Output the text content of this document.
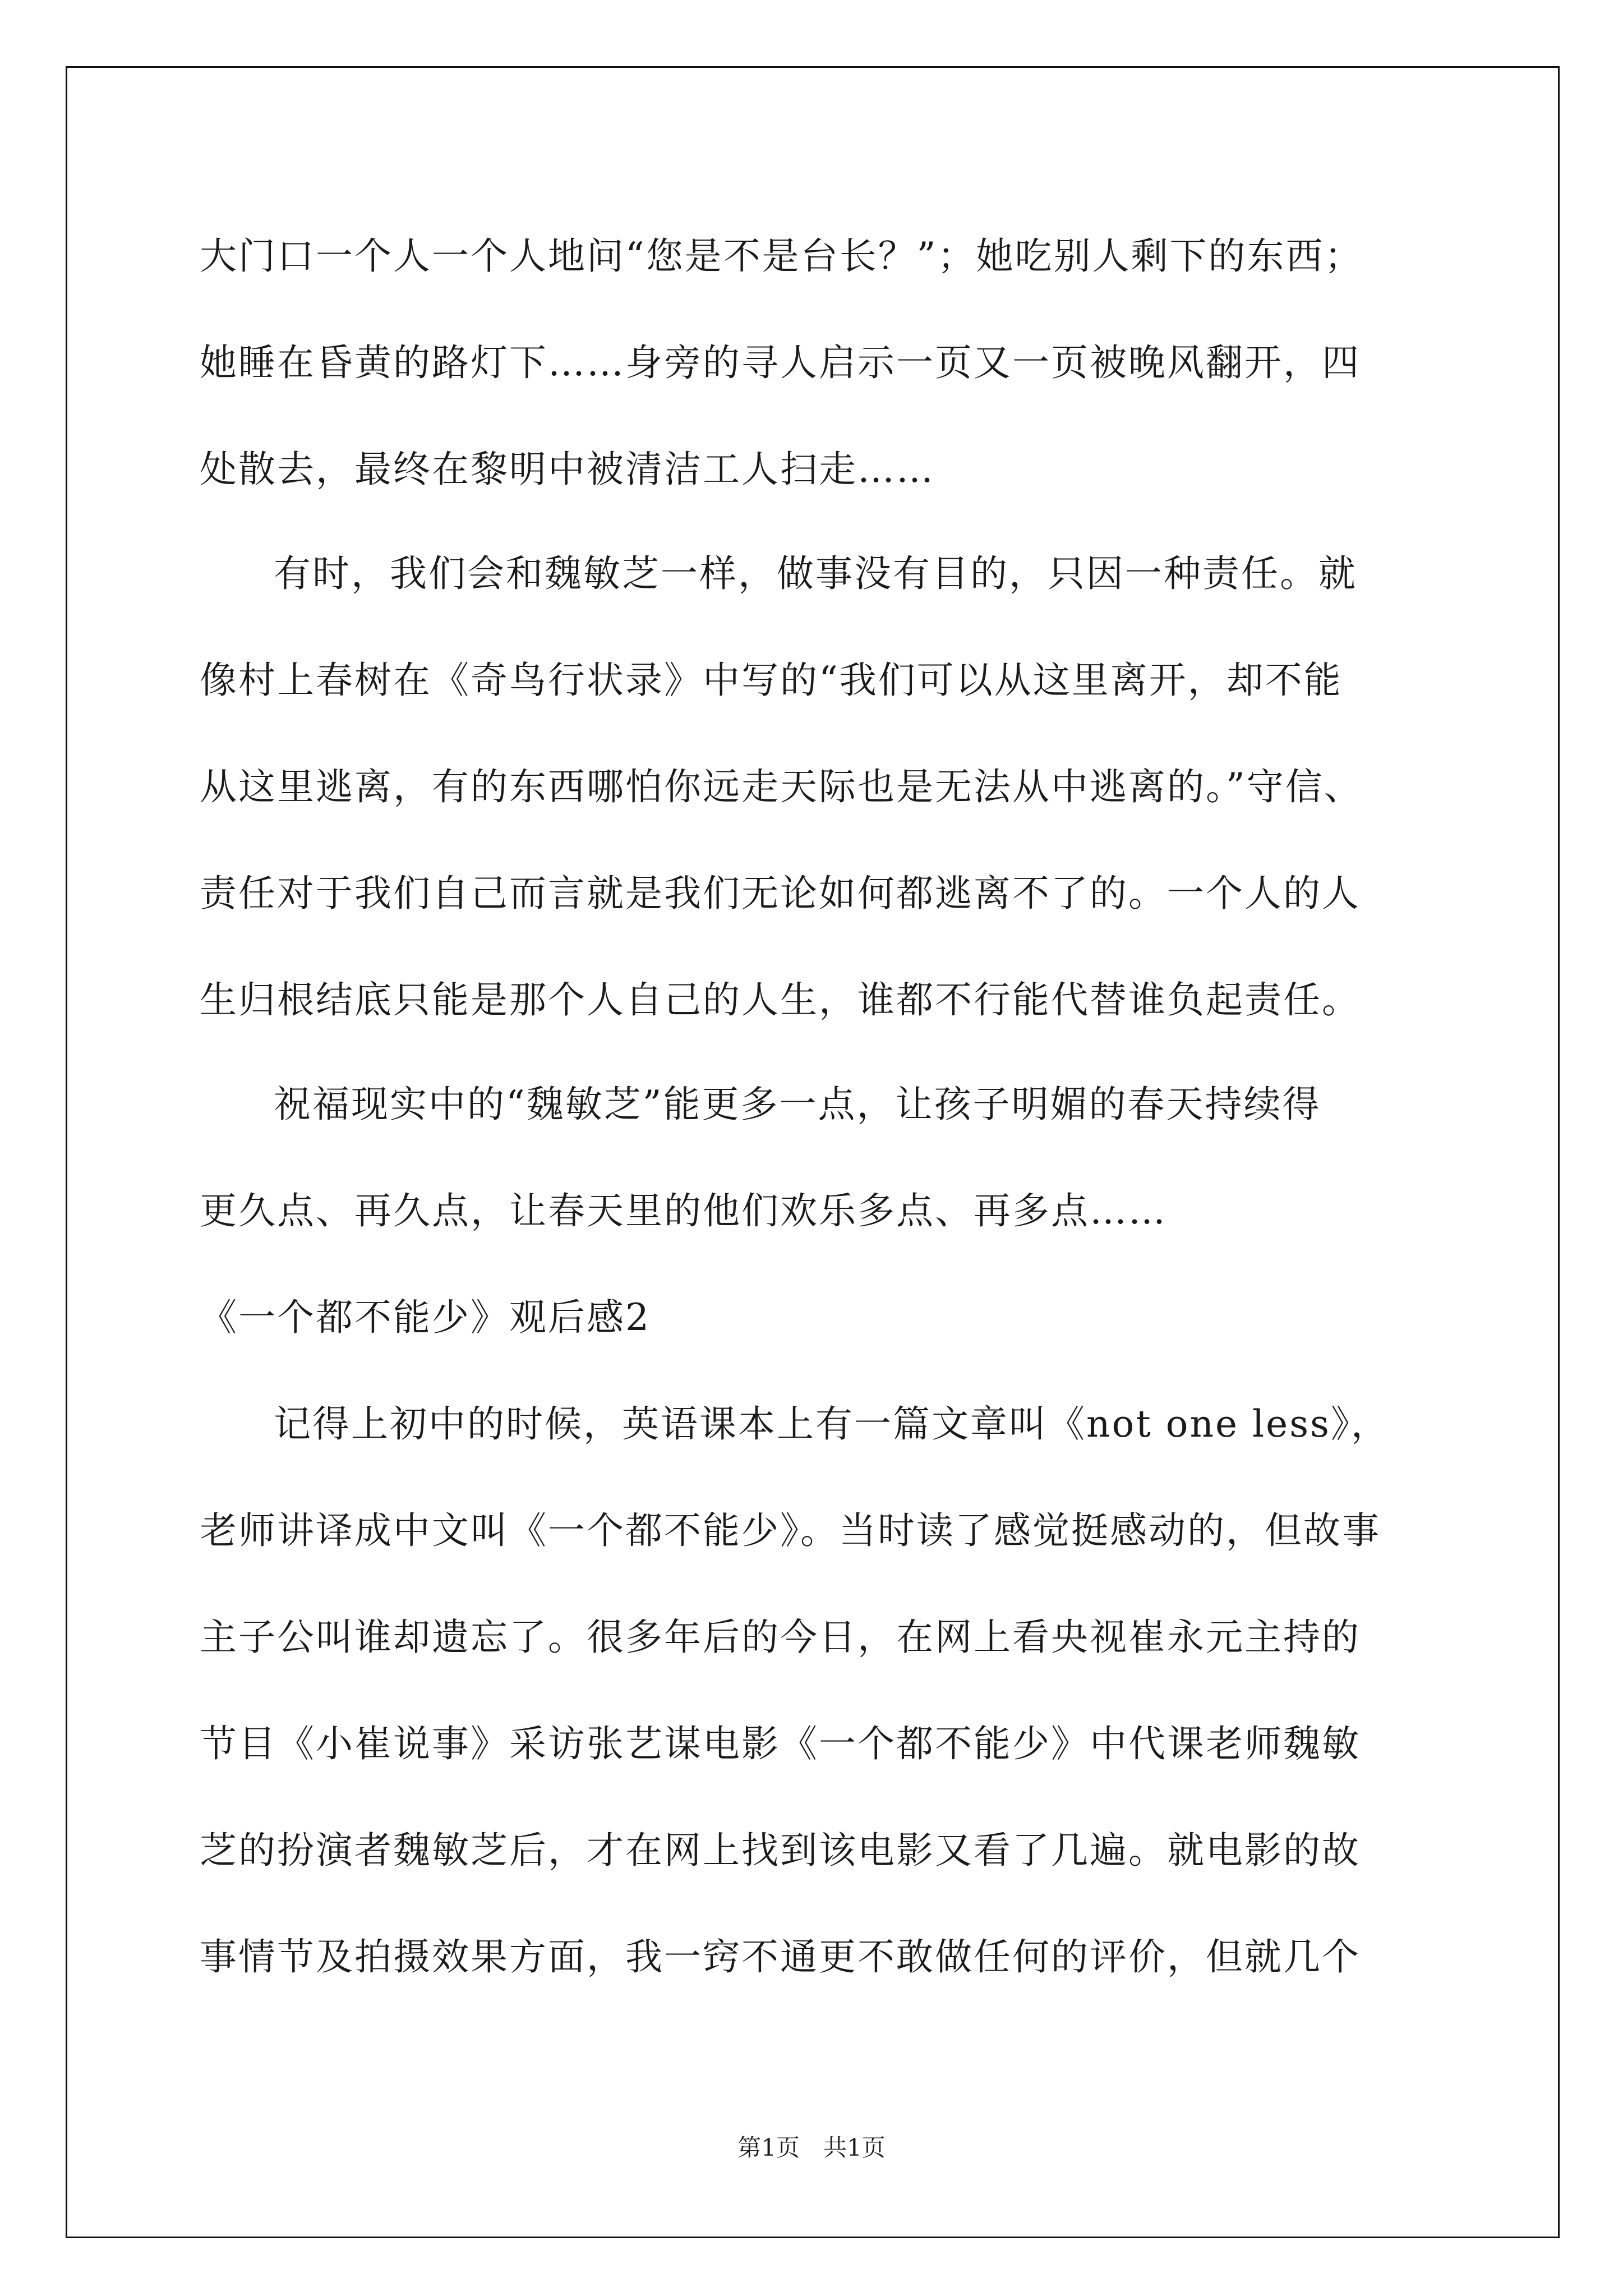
大门口一个人一个人地问“您是不是台长？”；她吃别人剩下的东西；
她睡在昏黄的路灯下……身旁的寻人启示一页又一页被晚风翻开，四
处散去，最终在黎明中被清洁工人扫走……
有时，我们会和魏敏芝一样，做事没有目的，只因一种责任。就
像村上春树在《奇鸟行状录》中写的“我们可以从这里离开，却不能
从这里逃离，有的东西哪怕你远走天际也是无法从中逃离的。”守信、
责任对于我们自己而言就是我们无论如何都逃离不了的。一个人的人
生归根结底只能是那个人自己的人生，谁都不行能代替谁负起责任。
祝福现实中的“魏敏芝”能更多一点，让孩子明媚的春天持续得
更久点、再久点，让春天里的他们欢乐多点、再多点……
《一个都不能少》观后感2
记得上初中的时候，英语课本上有一篇文章叫《not one less》，
老师讲译成中文叫《一个都不能少》。当时读了感觉挺感动的，但故事
主子公叫谁却遗忘了。很多年后的今日，在网上看央视崔永元主持的
节目《小崔说事》采访张艺谋电影《一个都不能少》中代课老师魏敏
芝的扮演者魏敏芝后，才在网上找到该电影又看了几遍。就电影的故
事情节及拍摄效果方面，我一窍不通更不敢做任何的评价，但就几个
第1页　共1页
